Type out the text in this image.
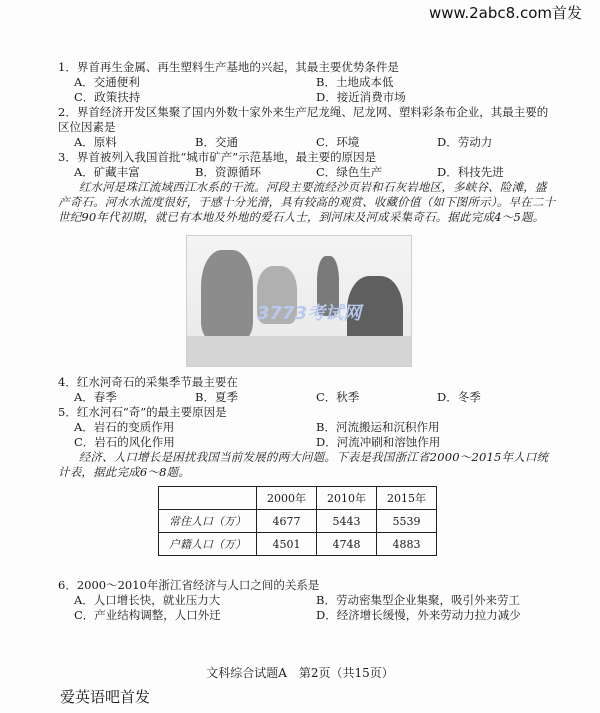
www.2abc8.com首发

1．界首再生金属、再生塑料生产基地的兴起，其最主要优势条件是

A．交通便利	B．土地成本低
C．政策扶持	D．接近消费市场

2．界首经济开发区集聚了国内外数十家外来生产尼龙绳、尼龙网、塑料彩条布企业，其最主要的区位因素是

A．原料	B．交通	C．环境	D．劳动力

3．界首被列入我国首批“城市矿产”示范基地，最主要的原因是

A．矿藏丰富	B．资源循环	C．绿色生产	D．科技先进

红水河是珠江流域西江水系的干流。河段主要流经沙页岩和石灰岩地区，多峡谷、险滩，盛产奇石。河水水流度很好，于感十分光滑，具有较高的观赏、收藏价值（如下图所示）。早在二十世纪90年代初期，就已有本地及外地的爱石人士，到河床及河成采集奇石。据此完成4～5题。

3773考试网

4．红水河奇石的采集季节最主要在

A．春季	B．夏季	C．秋季	D．冬季

5．红水河石“奇”的最主要原因是

A．岩石的变质作用	B．河流搬运和沉积作用
C．岩石的风化作用	D．河流冲刷和溶蚀作用

经济、人口增长是困扰我国当前发展的两大问题。下表是我国浙江省2000～2015年人口统计表，据此完成6～8题。

	2000年	2010年	2015年
常住人口（万）	4677	5443	5539
户籍人口（万）	4501	4748	4883

6．2000～2010年浙江省经济与人口之间的关系是

A．人口增长快，就业压力大	B．劳动密集型企业集聚，吸引外来劳工
C．产业结构调整，人口外迁	D．经济增长缓慢，外来劳动力拉力减少
文科综合试题A　第2页（共15页）
爱英语吧首发
